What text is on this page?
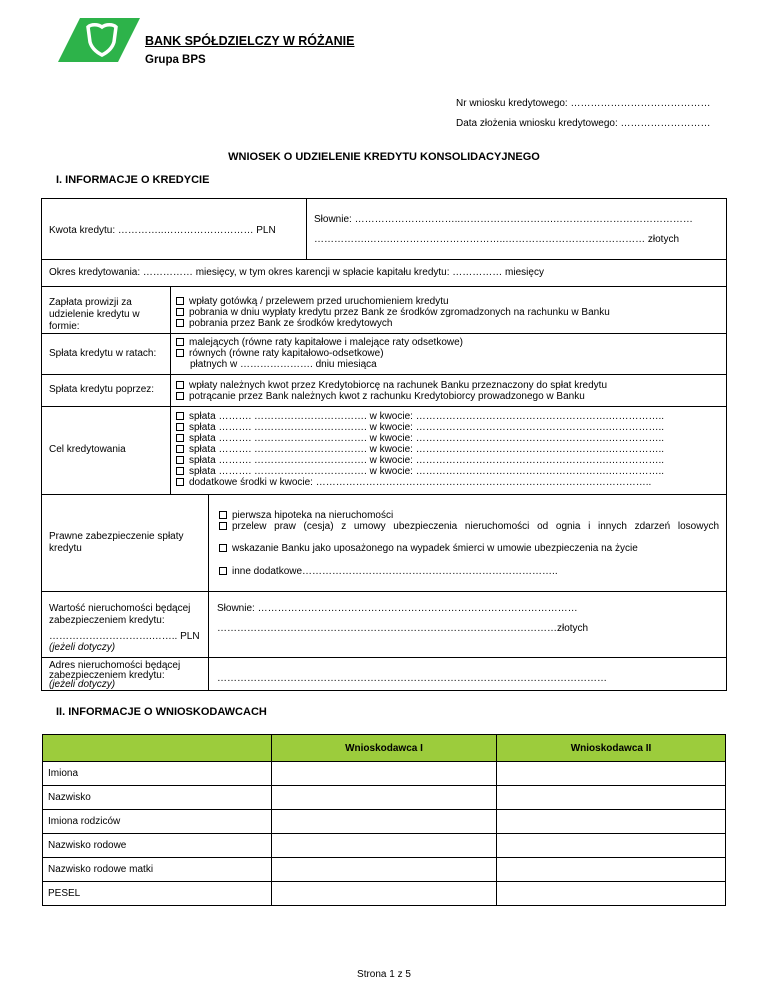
BANK SPÓŁDZIELCZY W RÓŻANIE
Grupa BPS
Nr wniosku kredytowego: ……………………………………
Data złożenia wniosku kredytowego: ………………………
WNIOSEK O UDZIELENIE KREDYTU KONSOLIDACYJNEGO
I. INFORMACJE O KREDYCIE
Kwota kredytu: …………..……………………… PLN
Słownie: …………………………..……………………….……………………………………
…………….…….……………………………..…………………………………… złotych
Okres kredytowania: …………… miesięcy, w tym okres karencji w spłacie kapitału kredytu: …………… miesięcy
Zapłata prowizji za udzielenie kredytu w formie:
wpłaty gotówką / przelewem przed uruchomieniem kredytu
pobrania w dniu wypłaty kredytu przez Bank ze środków zgromadzonych na rachunku w Banku
pobrania przez Bank ze środków kredytowych
Spłata kredytu w ratach:
malejących (równe raty kapitałowe i malejące raty odsetkowe)
równych (równe raty kapitałowo-odsetkowe)
płatnych w …………………. dniu miesiąca
Spłata kredytu poprzez:	wpłaty należnych kwot przez Kredytobiorcę na rachunek Banku przeznaczony do spłat kredytu
potrącanie przez Bank należnych kwot z rachunku Kredytobiorcy prowadzonego w Banku
Cel kredytowania
spłata ………. ……………………………. w kwocie: ………………………………………………….……………..
spłata ………. ……………………………. w kwocie: ………………………………………………….……………..
spłata ………. ……………………………. w kwocie: ………………………………………………….……………..
spłata ………. ……………………………. w kwocie: ………………………………………………….……………..
spłata ………. ……………………………. w kwocie: ………………………………………………….……………..
spłata ………. ……………………………. w kwocie: ………………………………………………….……………..
dodatkowe środki w kwocie: ………………………………………………………………………………………..
Prawne zabezpieczenie spłaty kredytu
pierwsza hipoteka na nieruchomości
przelew praw (cesja) z umowy ubezpieczenia nieruchomości od ognia i innych zdarzeń losowych
wskazanie Banku jako uposażonego na wypadek śmierci w umowie ubezpieczenia na życie
inne dodatkowe…………………………………………………………………..
Wartość nieruchomości będącej zabezpieczeniem kredytu:
………………………….…….. PLN
(jeżeli dotyczy)
Słownie: ……………………………………………………………………………………
…………………………………………………………………………………………złotych
Adres nieruchomości będącej zabezpieczeniem kredytu:
(jeżeli dotyczy)
………………………………………………………………………………………………………
II. INFORMACJE O WNIOSKODAWCACH
	Wnioskodawca I	Wnioskodawca II
Imiona		
Nazwisko		
Imiona rodziców		
Nazwisko rodowe		
Nazwisko rodowe matki		
PESEL		
Strona 1 z 5
